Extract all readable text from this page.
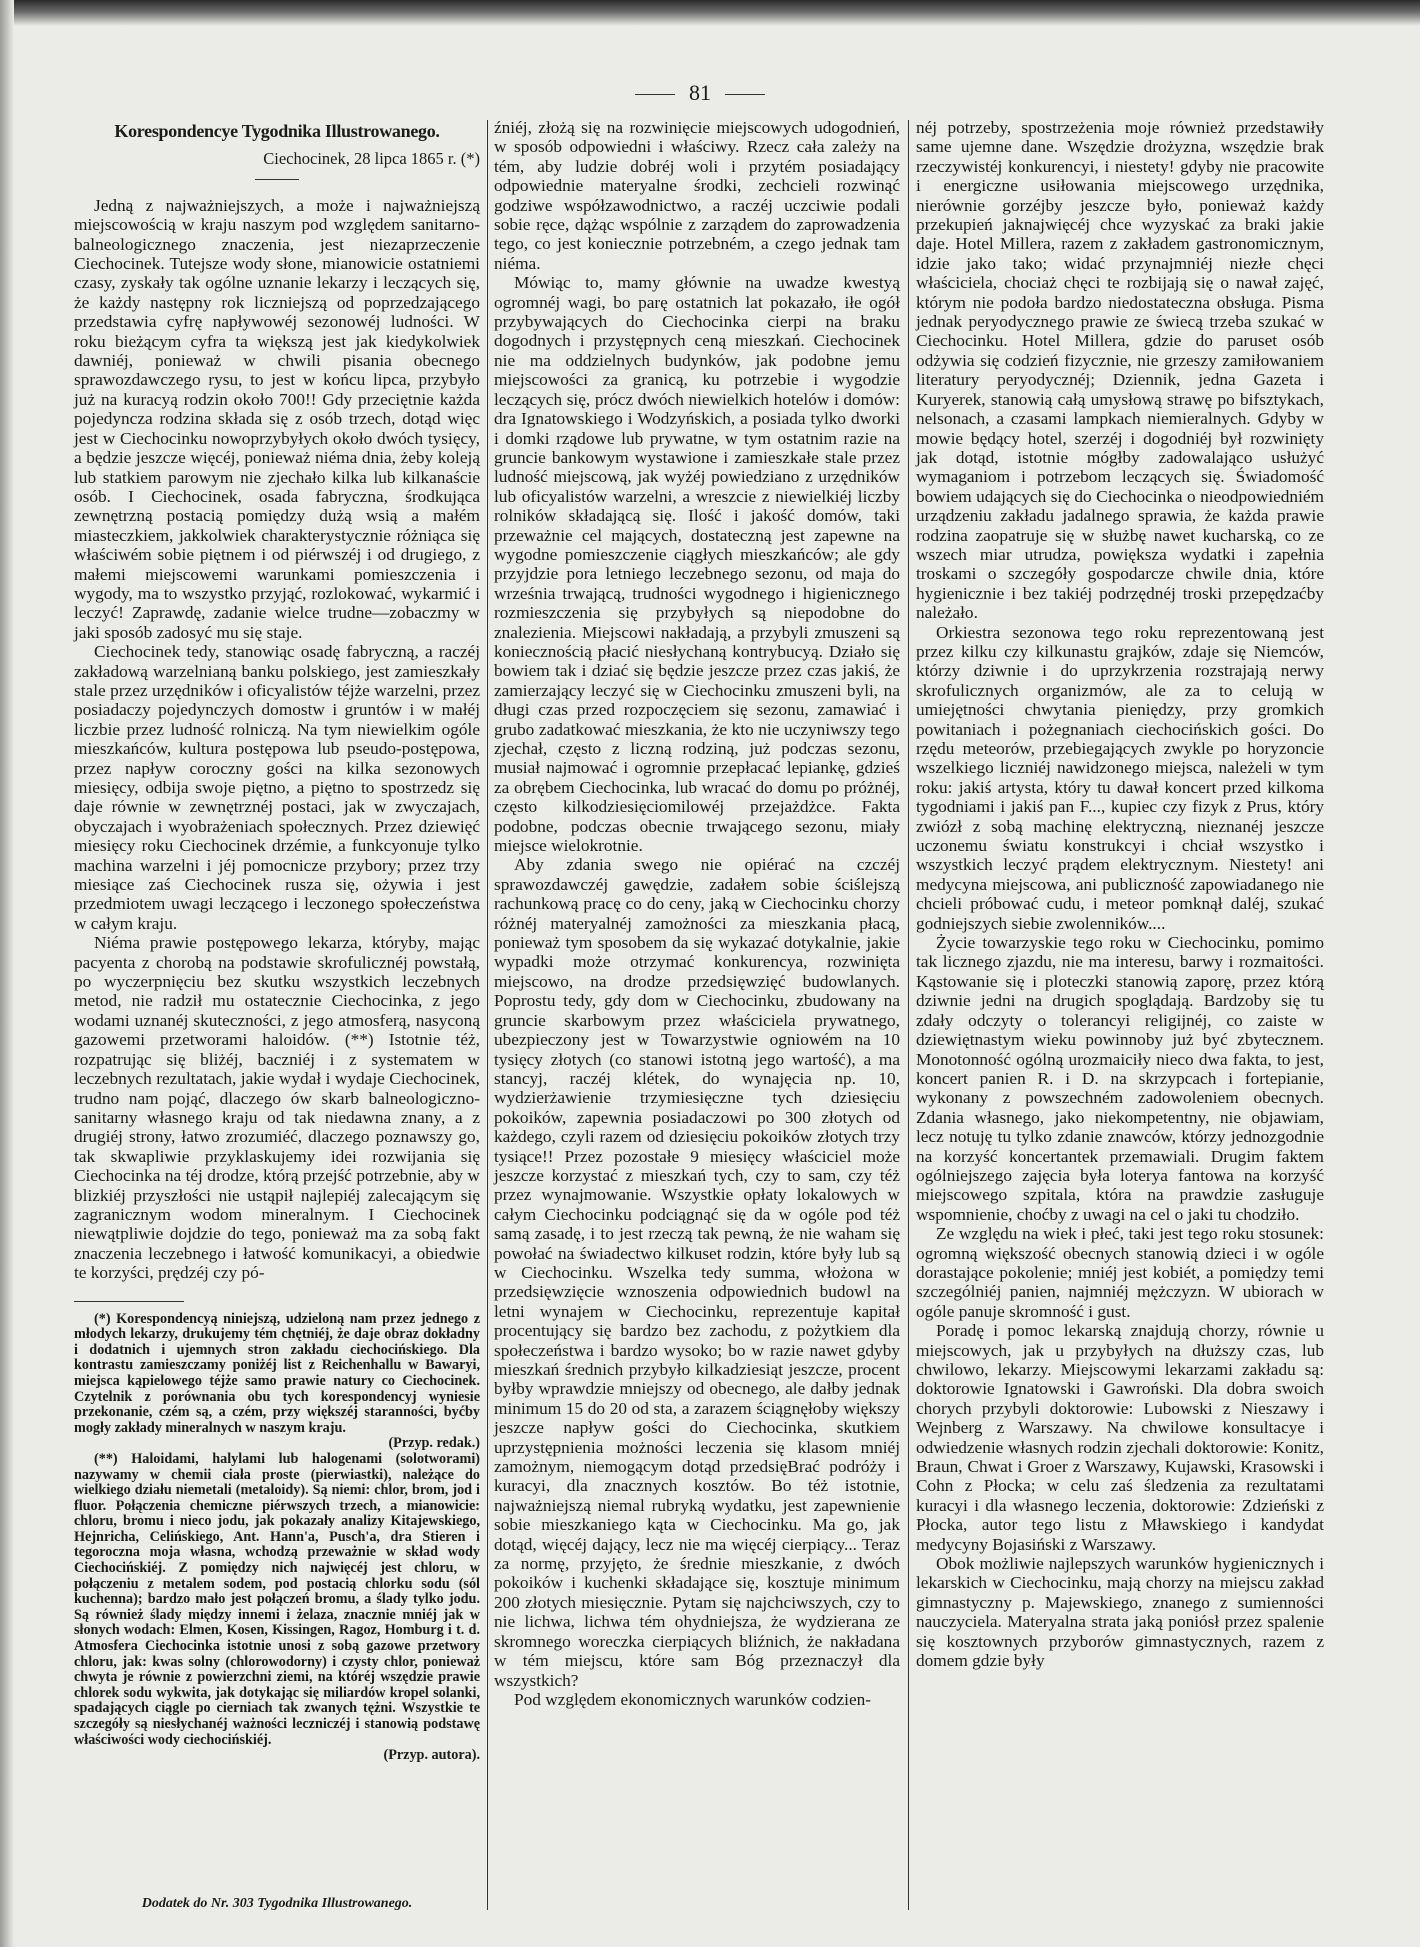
81
Korespondencye Tygodnika Illustrowanego.
Ciechocinek, 28 lipca 1865 r. (*)

Jedną z najważniejszych, a może i najważniejszą miejscowością w kraju naszym pod względem sanitarno-balneologicznego znaczenia, jest niezaprzeczenie Ciechocinek. Tutejsze wody słone, mianowicie ostatniemi czasy, zyskały tak ogólne uznanie lekarzy i leczących się, że każdy następny rok liczniejszą od poprzedzającego przedstawia cyfrę napływowéj sezonowéj ludności. W roku bieżącym cyfra ta większą jest jak kiedykolwiek dawniéj, ponieważ w chwili pisania obecnego sprawozdawczego rysu, to jest w końcu lipca, przybyło już na kuracyą rodzin około 700!! Gdy przeciętnie każda pojedyncza rodzina składa się z osób trzech, dotąd więc jest w Ciechocinku nowoprzybyłych około dwóch tysięcy, a będzie jeszcze więcéj, ponieważ niéma dnia, żeby koleją lub statkiem parowym nie zjechało kilka lub kilkanaście osób. I Ciechocinek, osada fabryczna, środkująca zewnętrzną postacią pomiędzy dużą wsią a małém miasteczkiem, jakkolwiek charakterystycznie różniąca się właściwém sobie piętnem i od piérwszéj i od drugiego, z małemi miejscowemi warunkami pomieszczenia i wygody, ma to wszystko przyjąć, rozlokować, wykarmić i leczyć! Zaprawdę, zadanie wielce trudne—zobaczmy w jaki sposób zadosyć mu się staje.

Ciechocinek tedy, stanowiąc osadę fabryczną, a raczéj zakładową warzelnianą banku polskiego, jest zamieszkały stale przez urzędników i oficyalistów téjże warzelni, przez posiadaczy pojedynczych domostw i gruntów i w małéj liczbie przez ludność rolniczą. Na tym niewielkim ogóle mieszkańców, kultura postępowa lub pseudo-postępowa, przez napływ coroczny gości na kilka sezonowych miesięcy, odbija swoje piętno, a piętno to spostrzedz się daje równie w zewnętrznéj postaci, jak w zwyczajach, obyczajach i wyobrażeniach społecznych. Przez dziewięć miesięcy roku Ciechocinek drzémie, a funkcyonuje tylko machina warzelni i jéj pomocnicze przybory; przez trzy miesiące zaś Ciechocinek rusza się, ożywia i jest przedmiotem uwagi leczącego i leczonego społeczeństwa w całym kraju.

Niéma prawie postępowego lekarza, któryby, mając pacyenta z chorobą na podstawie skrofulicznéj powstałą, po wyczerpnięciu bez skutku wszystkich leczebnych metod, nie radził mu ostatecznie Ciechocinka, z jego wodami uznanéj skuteczności, z jego atmosferą, nasyconą gazowemi przetworami haloidów. (**) Istotnie téż, rozpatrując się bliżéj, baczniéj i z systematem w leczebnych rezultatach, jakie wydał i wydaje Ciechocinek, trudno nam pojąć, dlaczego ów skarb balneologiczno-sanitarny własnego kraju od tak niedawna znany, a z drugiéj strony, łatwo zrozumiéć, dlaczego poznawszy go, tak skwapliwie przyklaskujemy idei rozwijania się Ciechocinka na téj drodze, którą przejść potrzebnie, aby w blizkiéj przyszłości nie ustąpił najlepiéj zalecającym się zagranicznym wodom mineralnym. I Ciechocinek niewątpliwie dojdzie do tego, ponieważ ma za sobą fakt znaczenia leczebnego i łatwość komunikacyi, a obiedwie te korzyści, prędzéj czy pó-

(*) Korespondencyą niniejszą, udzieloną nam przez jednego z młodych lekarzy, drukujemy tém chętniéj, że daje obraz dokładny i dodatnich i ujemnych stron zakładu ciechocińskiego. Dla kontrastu zamieszczamy poniżéj list z Reichenhallu w Bawaryi, miejsca kąpielowego téjże samo prawie natury co Ciechocinek. Czytelnik z porównania obu tych korespondencyj wyniesie przekonanie, czém są, a czém, przy większéj staranności, byćby mogły zakłady mineralnych w naszym kraju.
(Przyp. redak.)

(**) Haloidami, halylami lub halogenami (solotworami) nazywamy w chemii ciała proste (pierwiastki), należące do wielkiego działu niemetali (metaloidy). Są niemi: chlor, brom, jod i fluor. Połączenia chemiczne piérwszych trzech, a mianowicie: chloru, bromu i nieco jodu, jak pokazały analizy Kitajewskiego, Hejnricha, Celińskiego, Ant. Hann'a, Pusch'a, dra Stieren i tegoroczna moja własna, wchodzą przeważnie w skład wody Ciechocińskiéj. Z pomiędzy nich najwięcéj jest chloru, w połączeniu z metalem sodem, pod postacią chlorku sodu (sól kuchenna); bardzo mało jest połączeń bromu, a ślady tylko jodu. Są również ślady między innemi i żelaza, znacznie mniéj jak w słonych wodach: Elmen, Kosen, Kissingen, Ragoz, Homburg i t. d. Atmosfera Ciechocinka istotnie unosi z sobą gazowe przetwory chloru, jak: kwas solny (chlorowodorny) i czysty chlor, ponieważ chwyta je równie z powierzchni ziemi, na któréj wszędzie prawie chlorek sodu wykwita, jak dotykając się miliardów kropel solanki, spadających ciągle po cierniach tak zwanych tężni. Wszystkie te szczegóły są niesłychanéj ważności leczniczéj i stanowią podstawę właściwości wody ciechocińskiéj.
(Przyp. autora).

źniéj, złożą się na rozwinięcie miejscowych udogodnień, w sposób odpowiedni i właściwy. Rzecz cała zależy na tém, aby ludzie dobréj woli i przytém posiadający odpowiednie materyalne środki, zechcieli rozwinąć godziwe współzawodnictwo, a raczéj uczciwie podali sobie ręce, dążąc wspólnie z zarządem do zaprowadzenia tego, co jest koniecznie potrzebném, a czego jednak tam niéma.

Mówiąc to, mamy głównie na uwadze kwestyą ogromnéj wagi, bo parę ostatnich lat pokazało, iłe ogół przybywających do Ciechocinka cierpi na braku dogodnych i przystępnych ceną mieszkań. Ciechocinek nie ma oddzielnych budynków, jak podobne jemu miejscowości za granicą, ku potrzebie i wygodzie leczących się, prócz dwóch niewielkich hotelów i domów: dra Ignatowskiego i Wodzyńskich, a posiada tylko dworki i domki rządowe lub prywatne, w tym ostatnim razie na gruncie bankowym wystawione i zamieszkałe stale przez ludność miejscową, jak wyżéj powiedziano z urzędników lub oficyalistów warzelni, a wreszcie z niewielkiéj liczby rolników składającą się. Ilość i jakość domów, taki przeważnie cel mających, dostateczną jest zapewne na wygodne pomieszczenie ciągłych mieszkańców; ale gdy przyjdzie pora letniego leczebnego sezonu, od maja do września trwającą, trudności wygodnego i higienicznego rozmieszczenia się przybyłych są niepodobne do znalezienia. Miejscowi nakładają, a przybyli zmuszeni są koniecznością płacić niesłychaną kontrybucyą. Działo się bowiem tak i dziać się będzie jeszcze przez czas jakiś, że zamierzający leczyć się w Ciechocinku zmuszeni byli, na długi czas przed rozpoczęciem się sezonu, zamawiać i grubo zadatkować mieszkania, że kto nie uczyniwszy tego zjechał, często z liczną rodziną, już podczas sezonu, musiał najmować i ogromnie przepłacać lepiankę, gdzieś za obrębem Ciechocinka, lub wracać do domu po próżnéj, często kilkodziesięciomilowéj przejażdżce. Fakta podobne, podczas obecnie trwającego sezonu, miały miejsce wielokrotnie.

Aby zdania swego nie opiérać na czczéj sprawozdawczéj gawędzie, zadałem sobie ściślejszą rachunkową pracę co do ceny, jaką w Ciechocinku chorzy różnéj materyalnéj zamożności za mieszkania płacą, ponieważ tym sposobem da się wykazać dotykalnie, jakie wypadki może otrzymać konkurencya, rozwinięta miejscowo, na drodze przedsięwzięć budowlanych. Poprostu tedy, gdy dom w Ciechocinku, zbudowany na gruncie skarbowym przez właściciela prywatnego, ubezpieczony jest w Towarzystwie ogniowém na 10 tysięcy złotych (co stanowi istotną jego wartość), a ma stancyj, raczéj klétek, do wynajęcia np. 10, wydzierżawienie trzymiesięczne tych dziesięciu pokoików, zapewnia posiadaczowi po 300 złotych od każdego, czyli razem od dziesięciu pokoików złotych trzy tysiące!! Przez pozostałe 9 miesięcy właściciel może jeszcze korzystać z mieszkań tych, czy to sam, czy téż przez wynajmowanie. Wszystkie opłaty lokalowych w całym Ciechocinku podciągnąć się da w ogóle pod téż samą zasadę, i to jest rzeczą tak pewną, że nie waham się powołać na świadectwo kilkuset rodzin, które były lub są w Ciechocinku. Wszelka tedy summa, włożona w przedsięwzięcie wznoszenia odpowiednich budowl na letni wynajem w Ciechocinku, reprezentuje kapitał procentujący się bardzo bez zachodu, z pożytkiem dla społeczeństwa i bardzo wysoko; bo w razie nawet gdyby mieszkań średnich przybyło kilkadziesiąt jeszcze, procent byłby wprawdzie mniejszy od obecnego, ale dałby jednak minimum 15 do 20 od sta, a zarazem ściągnęłoby większy jeszcze napływ gości do Ciechocinka, skutkiem uprzystępnienia możności leczenia się klasom mniéj zamożnym, niemogącym dotąd przedsięBrać podróży i kuracyi, dla znacznych kosztów. Bo téż istotnie, najważniejszą niemal rubryką wydatku, jest zapewnienie sobie mieszkaniego kąta w Ciechocinku. Ma go, jak dotąd, więcéj dający, lecz nie ma więcéj cierpiący... Teraz za normę, przyjęto, że średnie mieszkanie, z dwóch pokoików i kuchenki składające się, kosztuje minimum 200 złotych miesięcznie. Pytam się najchciwszych, czy to nie lichwa, lichwa tém ohydniejsza, że wydzierana ze skromnego woreczka cierpiących bliźnich, że nakładana w tém miejscu, które sam Bóg przeznaczył dla wszystkich?

Pod względem ekonomicznych warunków codzien-

néj potrzeby, spostrzeżenia moje również przedstawiły same ujemne dane. Wszędzie drożyzna, wszędzie brak rzeczywistéj konkurencyi, i niestety! gdyby nie pracowite i energiczne usiłowania miejscowego urzędnika, nierównie gorzéjby jeszcze było, ponieważ każdy przekupień jaknajwięcéj chce wyzyskać za braki jakie daje. Hotel Millera, razem z zakładem gastronomicznym, idzie jako tako; widać przynajmniéj niezłe chęci właściciela, chociaż chęci te rozbijają się o nawał zajęć, którym nie podoła bardzo niedostateczna obsługa. Pisma jednak peryodycznego prawie ze świecą trzeba szukać w Ciechocinku. Hotel Millera, gdzie do paruset osób odżywia się codzień fizycznie, nie grzeszy zamiłowaniem literatury peryodycznéj; Dziennik, jedna Gazeta i Kuryerek, stanowią całą umysłową strawę po bifsztykach, nelsonach, a czasami lampkach niemieralnych. Gdyby w mowie będący hotel, szerzéj i dogodniéj był rozwinięty jak dotąd, istotnie mógłby zadowalająco usłużyć wymaganiom i potrzebom leczących się. Świadomość bowiem udających się do Ciechocinka o nieodpowiedniém urządzeniu zakładu jadalnego sprawia, że każda prawie rodzina zaopatruje się w służbę nawet kucharską, co ze wszech miar utrudza, powiększa wydatki i zapełnia troskami o szczegóły gospodarcze chwile dnia, które hygienicznie i bez takiéj podrzędnéj troski przepędzaćby należało.

Orkiestra sezonowa tego roku reprezentowaną jest przez kilku czy kilkunastu grajków, zdaje się Niemców, którzy dziwnie i do uprzykrzenia rozstrajają nerwy skrofulicznych organizmów, ale za to celują w umiejętności chwytania pieniędzy, przy gromkich powitaniach i pożegnaniach ciechocińskich gości. Do rzędu meteorów, przebiegających zwykle po horyzoncie wszelkiego liczniéj nawidzonego miejsca, należeli w tym roku: jakiś artysta, który tu dawał koncert przed kilkoma tygodniami i jakiś pan F..., kupiec czy fizyk z Prus, który zwiózł z sobą machinę elektryczną, nieznanéj jeszcze uczonemu światu konstrukcyi i chciał wszystko i wszystkich leczyć prądem elektrycznym. Niestety! ani medycyna miejscowa, ani publiczność zapowiadanego nie chcieli próbować cudu, i meteor pomknął daléj, szukać godniejszych siebie zwolenników....

Życie towarzyskie tego roku w Ciechocinku, pomimo tak licznego zjazdu, nie ma interesu, barwy i rozmaitości. Kąstowanie się i ploteczki stanowią zaporę, przez którą dziwnie jedni na drugich spoglądają. Bardzoby się tu zdały odczyty o tolerancyi religijnéj, co zaiste w dziewiętnastym wieku powinnoby już być zbytecznem. Monotonność ogólną urozmaiciły nieco dwa fakta, to jest, koncert panien R. i D. na skrzypcach i fortepianie, wykonany z powszechném zadowoleniem obecnych. Zdania własnego, jako niekompetentny, nie objawiam, lecz notuję tu tylko zdanie znawców, którzy jednozgodnie na korzyść koncertantek przemawiali. Drugim faktem ogólniejszego zajęcia była loterya fantowa na korzyść miejscowego szpitala, która na prawdzie zasługuje wspomnienie, choćby z uwagi na cel o jaki tu chodziło.

Ze względu na wiek i płeć, taki jest tego roku stosunek: ogromną większość obecnych stanowią dzieci i w ogóle dorastające pokolenie; mniéj jest kobiét, a pomiędzy temi szczególniéj panien, najmniéj mężczyzn. W ubiorach w ogóle panuje skromność i gust.

Poradę i pomoc lekarską znajdują chorzy, równie u miejscowych, jak u przybyłych na dłuższy czas, lub chwilowo, lekarzy. Miejscowymi lekarzami zakładu są: doktorowie Ignatowski i Gawroński. Dla dobra swoich chorych przybyli doktorowie: Lubowski z Nieszawy i Wejnberg z Warszawy. Na chwilowe konsultacye i odwiedzenie własnych rodzin zjechali doktorowie: Konitz, Braun, Chwat i Groer z Warszawy, Kujawski, Krasowski i Cohn z Płocka; w celu zaś śledzenia za rezultatami kuracyi i dla własnego leczenia, doktorowie: Zdzieński z Płocka, autor tego listu z Mławskiego i kandydat medycyny Bojasiński z Warszawy.

Obok możliwie najlepszych warunków hygienicznych i lekarskich w Ciechocinku, mają chorzy na miejscu zakład gimnastyczny p. Majewskiego, znanego z sumienności nauczyciela. Materyalna strata jaką poniósł przez spalenie się kosztownych przyborów gimnastycznych, razem z domem gdzie były

Dodatek do Nr. 303 Tygodnika Illustrowanego.
